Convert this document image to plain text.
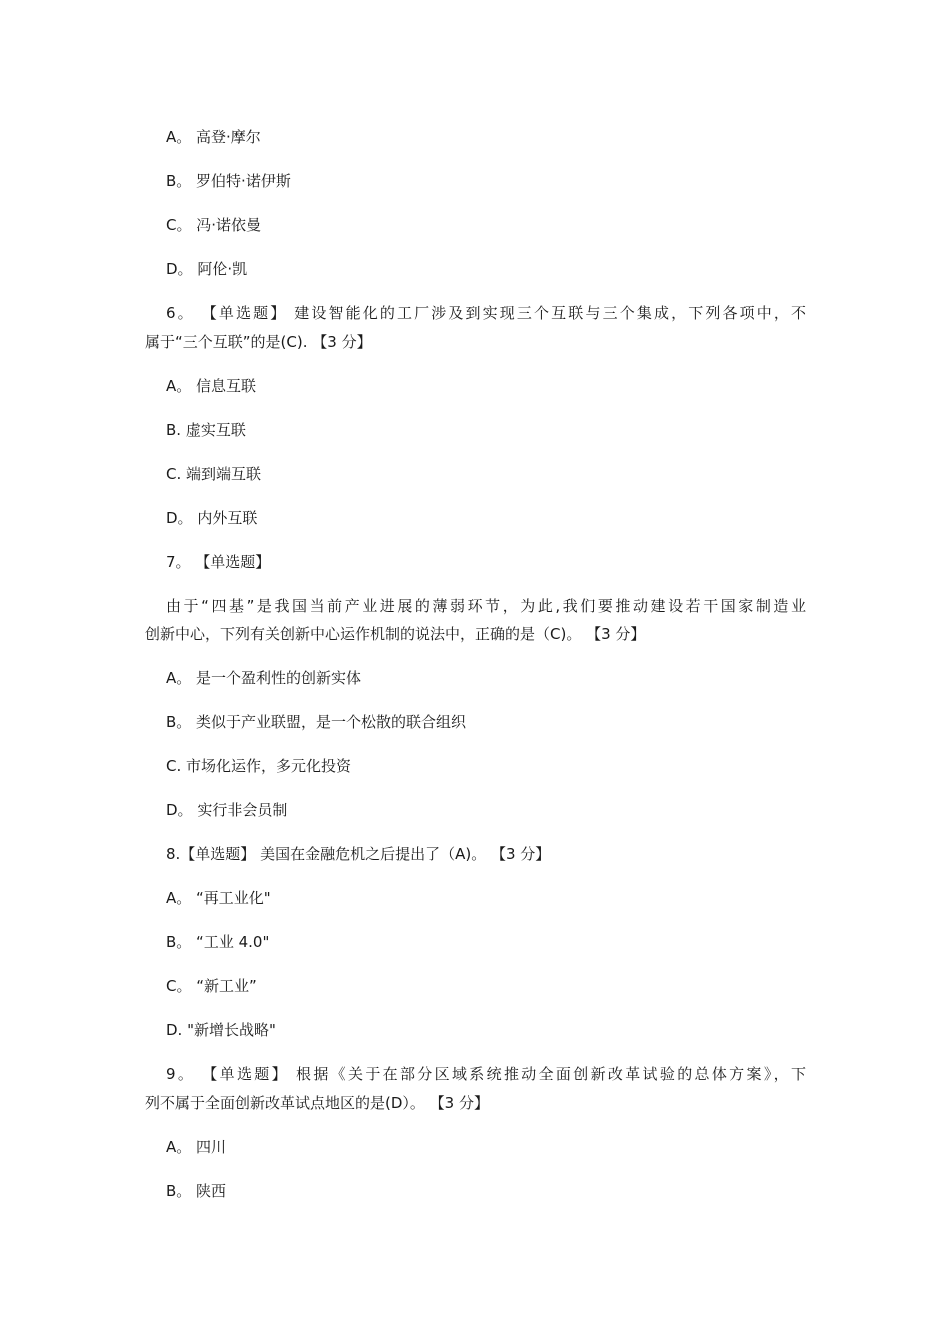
A。 高登·摩尔
B。 罗伯特·诺伊斯
C。 冯·诺依曼
D。 阿伦·凯
6。 【单选题】 建设智能化的工厂涉及到实现三个互联与三个集成，下列各项中，不
属于“三个互联”的是(C). 【3 分】
A。 信息互联
B. 虚实互联
C. 端到端互联
D。 内外互联
7。 【单选题】
由于“四基”是我国当前产业进展的薄弱环节，为此,我们要推动建设若干国家制造业
创新中心，下列有关创新中心运作机制的说法中，正确的是（C)。 【3 分】
A。 是一个盈利性的创新实体
B。 类似于产业联盟，是一个松散的联合组织
C. 市场化运作，多元化投资
D。 实行非会员制
8.【单选题】 美国在金融危机之后提出了（A)。 【3 分】
A。 “再工业化"
B。 “工业 4.0"
C。 “新工业”
D. "新增长战略"
9。 【单选题】 根据《关于在部分区域系统推动全面创新改革试验的总体方案》，下
列不属于全面创新改革试点地区的是(D）。 【3 分】
A。 四川
B。 陕西
